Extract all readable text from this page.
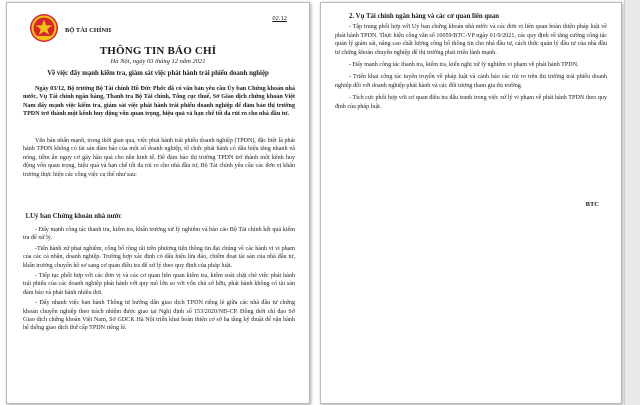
02.12
BỘ TÀI CHÍNH
THÔNG TIN BÁO CHÍ
Hà Nội, ngày 03 tháng 12 năm 2021
Về việc đẩy mạnh kiểm tra, giám sát việc phát hành trái phiếu doanh nghiệp

Ngày 03/12, Bộ trưởng Bộ Tài chính Hồ Đức Phớc đã có văn bản yêu cầu Ủy ban Chứng khoán nhà nước, Vụ Tài chính ngân hàng, Thanh tra Bộ Tài chính, Tổng cục thuế, Sở Giao dịch chứng khoán Việt Nam đẩy mạnh việc kiểm tra, giám sát việc phát hành trái phiếu doanh nghiệp để đảm bảo thị trường TPDN trở thành một kênh huy động vốn quan trọng, hiệu quả và hạn chế tối đa rủi ro cho nhà đầu tư.

Văn bản nhấn mạnh, trong thời gian qua, việc phát hành trái phiếu doanh nghiệp (TPDN), đặc biệt là phát hành TPDN không có tài sản đảm bảo của một số doanh nghiệp, tổ chức phát hành có dấu hiệu tăng nhanh và nóng, tiềm ẩn nguy cơ gây hậu quả cho nền kinh tế. Để đảm bảo thị trường TPDN trở thành một kênh huy động vốn quan trọng, hiệu quả và hạn chế tối đa rủi ro cho nhà đầu tư, Bộ Tài chính yêu cầu các đơn vị khẩn trương thực hiện các công việc cụ thể như sau:

1.Uỷ ban Chứng khoán nhà nước

- Đẩy mạnh công tác thanh tra, kiểm tra, khẩn trương xử lý nghiêm và báo cáo Bộ Tài chính kết quả kiểm tra để xử lý.

-Tiến hành xử phạt nghiêm, công bố rộng rãi trên phương tiện thông tin đại chúng về các hành vi vi phạm của các cá nhân, doanh nghiệp. Trường hợp xác định có dấu hiệu lừa đảo, chiếm đoạt tài sản của nhà đầu tư, khẩn trương chuyển hồ sơ sang cơ quan điều tra để xử lý theo quy định của pháp luật.

- Tiếp tục phối hợp với các đơn vị và các cơ quan liên quan kiểm tra, kiểm soát chặt chẽ việc phát hành trái phiếu của các doanh nghiệp phát hành với quy mô lớn so với vốn chủ sở hữu, phát hành không có tài sản đảm bảo và phát hành nhiều đợt.

- Đẩy nhanh việc ban hành Thông tư hướng dẫn giao dịch TPDN riêng lẻ giữa các nhà đầu tư chứng khoán chuyên nghiệp theo trách nhiệm được giao tại Nghị định số 153/2020/NĐ-CP. Đồng thời chỉ đạo Sở Giao dịch chứng khoán Việt Nam, Sở GDCK Hà Nội triển khai hoàn thiện cơ sở hạ tầng kỹ thuật để vận hành hệ thống giao dịch thứ cấp TPDN riêng lẻ.

2. Vụ Tài chính ngân hàng và các cơ quan liên quan

- Tập trung phối hợp với Uỷ ban chứng khoán nhà nước và các đơn vị liên quan hoàn thiện pháp luật về phát hành TPDN. Thực hiện công văn số 10059/BTC-VP ngày 01/9/2021, các quy định về tăng cường công tác quản lý giám sát, nâng cao chất lượng công bố thông tin cho nhà đầu tư, cách thức quản lý đầu tư của nhà đầu tư chứng khoán chuyên nghiệp để thị trường phát triển lành mạnh.

- Đẩy mạnh công tác thanh tra, kiểm tra, kiến nghị xử lý nghiêm vi phạm về phát hành TPDN.

- Triển khai công tác tuyên truyền về pháp luật và cảnh báo các rủi ro trên thị trường trái phiếu doanh nghiệp đối với doanh nghiệp phát hành và các đối tượng tham gia thị trường.

- Tích cực phối hợp với cơ quan điều tra đấu tranh trong việc xử lý vi phạm về phát hành TPDN theo quy định của pháp luật.

BTC
